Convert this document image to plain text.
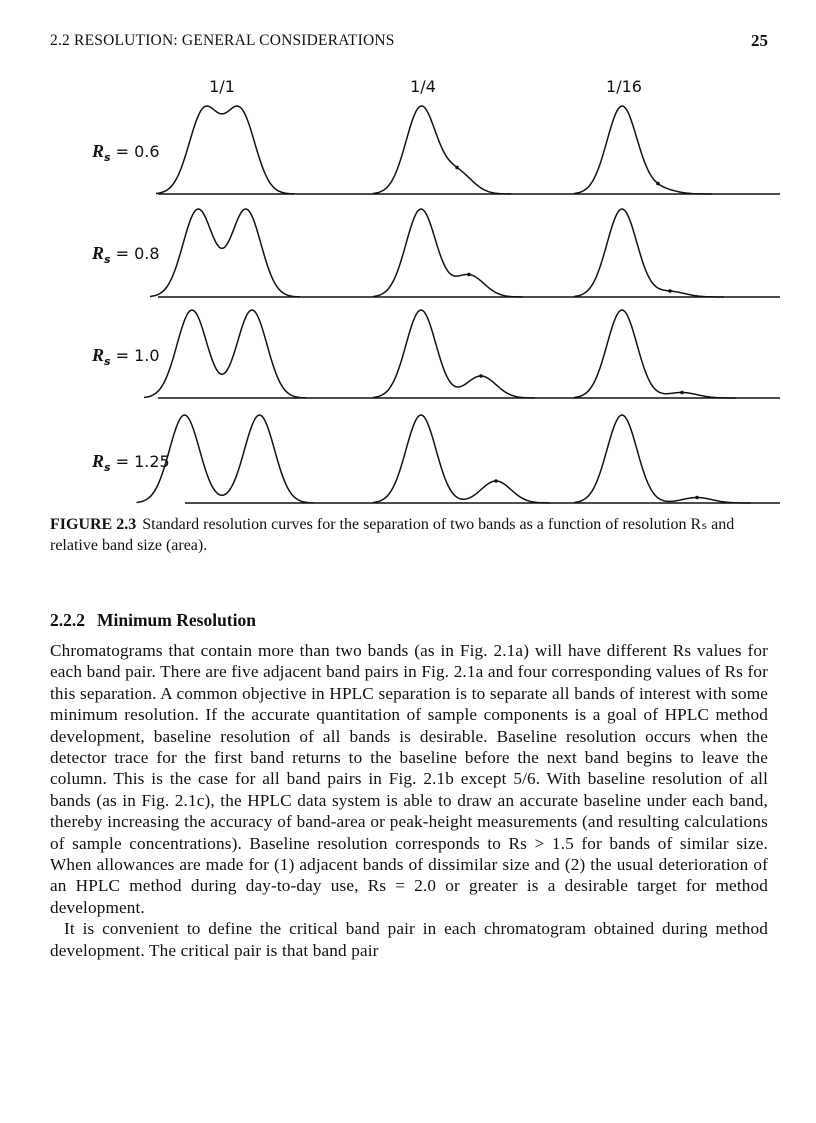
2.2 RESOLUTION: GENERAL CONSIDERATIONS	25
1/1	1/4	1/16
$R_s = 0.6$
$R_s = 0.8$
$R_s = 1.0$
$R_s = 1.25$
FIGURE 2.3 Standard resolution curves for the separation of two bands as a function of resolution Rₛ and relative band size (area).
2.2.2 Minimum Resolution

Chromatograms that contain more than two bands (as in Fig. 2.1a) will have different Rs values for each band pair. There are five adjacent band pairs in Fig. 2.1a and four corresponding values of Rs for this separation. A common objective in HPLC separation is to separate all bands of interest with some minimum resolution. If the accurate quantitation of sample components is a goal of HPLC method development, baseline resolution of all bands is desirable. Baseline resolution occurs when the detector trace for the first band returns to the baseline before the next band begins to leave the column. This is the case for all band pairs in Fig. 2.1b except 5/6. With baseline resolution of all bands (as in Fig. 2.1c), the HPLC data system is able to draw an accurate baseline under each band, thereby increasing the accuracy of band-area or peak-height measurements (and resulting calculations of sample concentrations). Baseline resolution corresponds to Rs > 1.5 for bands of similar size. When allowances are made for (1) adjacent bands of dissimilar size and (2) the usual deterioration of an HPLC method during day-to-day use, Rs = 2.0 or greater is a desirable target for method development.

It is convenient to define the critical band pair in each chromatogram obtained during method development. The critical pair is that band pair
